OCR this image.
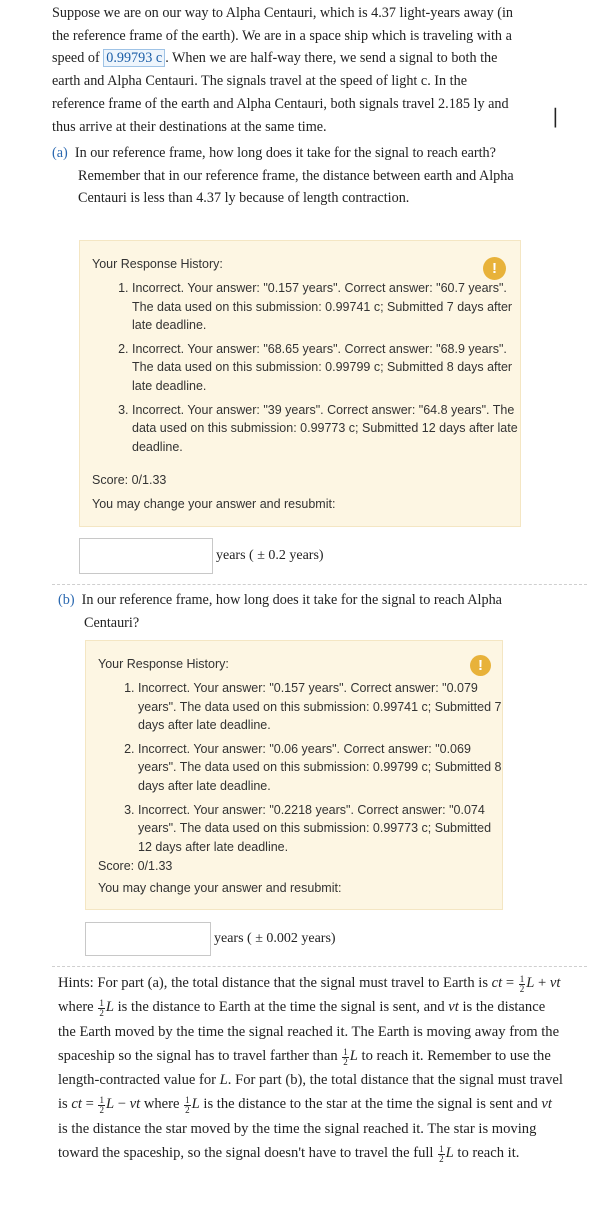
Suppose we are on our way to Alpha Centauri, which is 4.37 light-years away (in the reference frame of the earth). We are in a space ship which is traveling with a speed of 0.99793 c . When we are half-way there, we send a signal to both the earth and Alpha Centauri. The signals travel at the speed of light c. In the reference frame of the earth and Alpha Centauri, both signals travel 2.185 ly and thus arrive at their destinations at the same time.	|
(a) In our reference frame, how long does it take for the signal to reach earth? Remember that in our reference frame, the distance between earth and Alpha Centauri is less than 4.37 ly because of length contraction.
Your Response History:	!
1. Incorrect. Your answer: "0.157 years". Correct answer: "60.7 years". The data used on this submission: 0.99741 c; Submitted 7 days after late deadline.
2. Incorrect. Your answer: "68.65 years". Correct answer: "68.9 years". The data used on this submission: 0.99799 c; Submitted 8 days after late deadline.
3. Incorrect. Your answer: "39 years". Correct answer: "64.8 years". The data used on this submission: 0.99773 c; Submitted 12 days after late deadline.
Score: 0/1.33
You may change your answer and resubmit:
years ( ± 0.2 years)
(b) In our reference frame, how long does it take for the signal to reach Alpha Centauri?
Your Response History:	!
1. Incorrect. Your answer: "0.157 years". Correct answer: "0.079 years". The data used on this submission: 0.99741 c; Submitted 7 days after late deadline.
2. Incorrect. Your answer: "0.06 years". Correct answer: "0.069 years". The data used on this submission: 0.99799 c; Submitted 8 days after late deadline.
3. Incorrect. Your answer: "0.2218 years". Correct answer: "0.074 years". The data used on this submission: 0.99773 c; Submitted 12 days after late deadline.
Score: 0/1.33
You may change your answer and resubmit:
years ( ± 0.002 years)
Hints: For part (a), the total distance that the signal must travel to Earth is ct = $\frac{1}{2}$ L + vt where $\frac{1}{2}$ L is the distance to Earth at the time the signal is sent, and vt is the distance the Earth moved by the time the signal reached it. The Earth is moving away from the spaceship so the signal has to travel farther than $\frac{1}{2}$ L to reach it. Remember to use the length-contracted value for L. For part (b), the total distance that the signal must travel is ct = $\frac{1}{2}$ L − vt where $\frac{1}{2}$ L is the distance to the star at the time the signal is sent and vt is the distance the star moved by the time the signal reached it. The star is moving toward the spaceship, so the signal doesn't have to travel the full $\frac{1}{2}$ L to reach it.
